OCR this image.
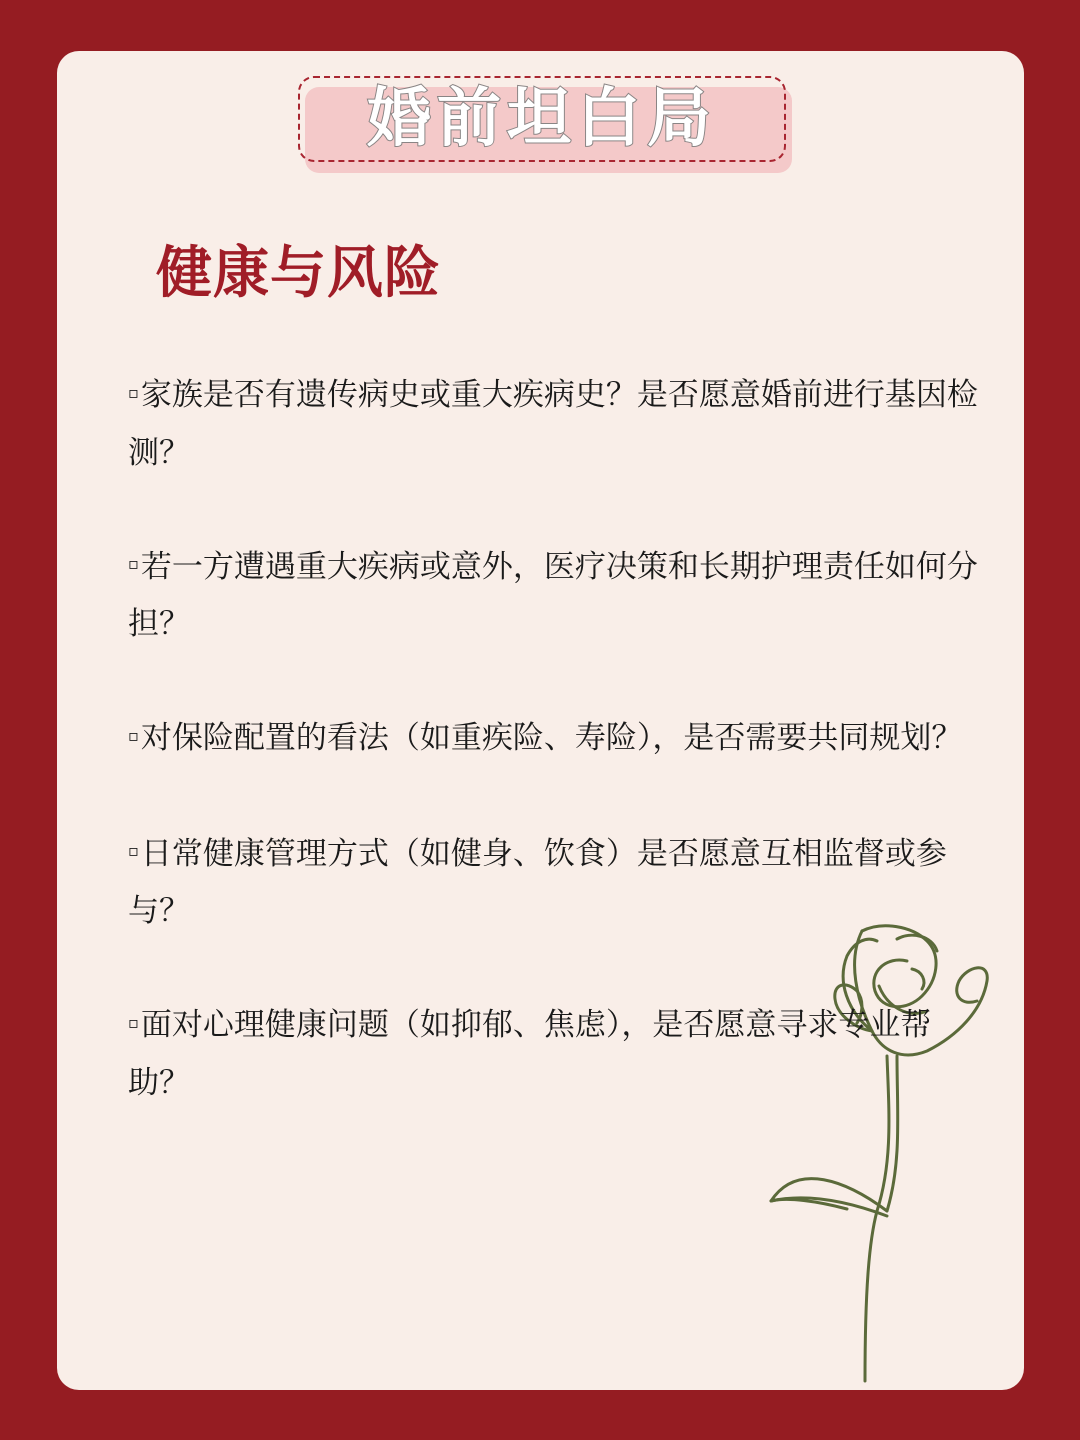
婚前坦白局
健康与风险

▫家族是否有遗传病史或重大疾病史？是否愿意婚前进行基因检测？

▫若一方遭遇重大疾病或意外，医疗决策和长期护理责任如何分担？

▫对保险配置的看法（如重疾险、寿险），是否需要共同规划？

▫日常健康管理方式（如健身、饮食）是否愿意互相监督或参与？

▫面对心理健康问题（如抑郁、焦虑），是否愿意寻求专业帮助？
